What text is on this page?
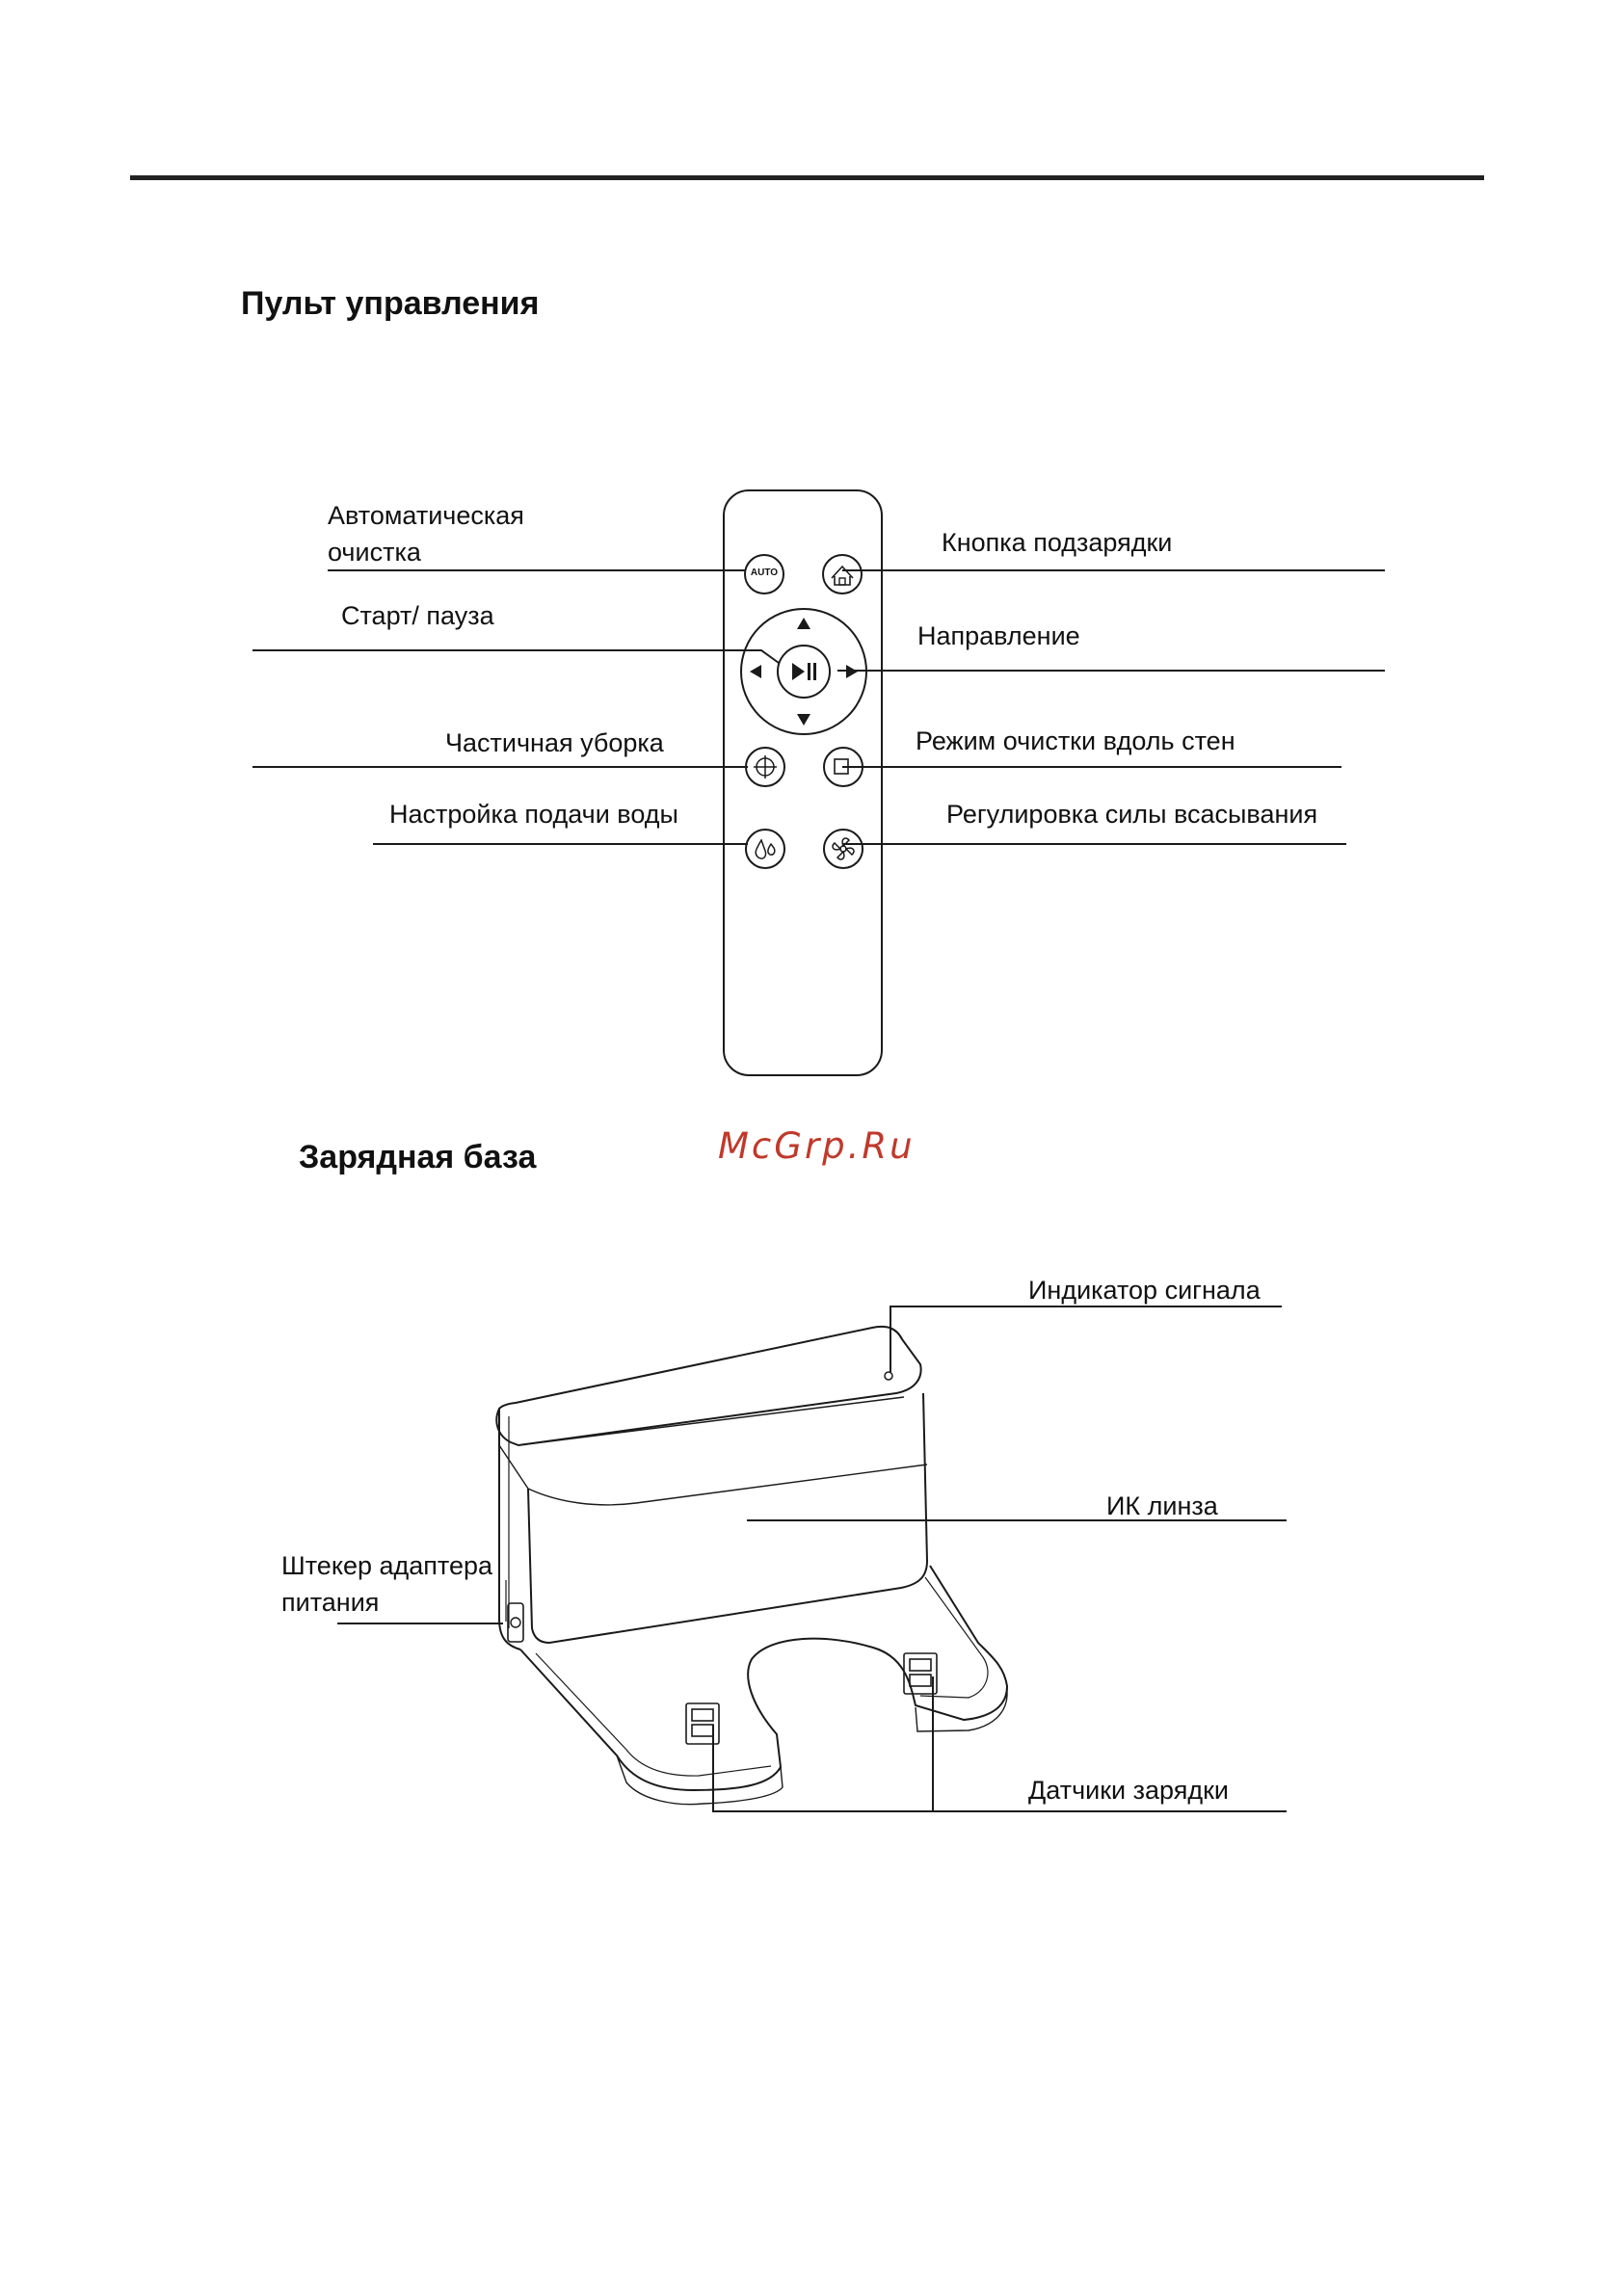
Пульт управления
Зарядная база	McGrp.Ru
AUTO
Автоматическая
очистка
Старт/ пауза
Частичная уборка
Настройка подачи воды
Кнопка подзарядки
Направление
Режим очистки вдоль стен
Регулировка силы всасывания
Индикатор сигнала
ИК линза
Штекер адаптера
питания
Датчики зарядки
